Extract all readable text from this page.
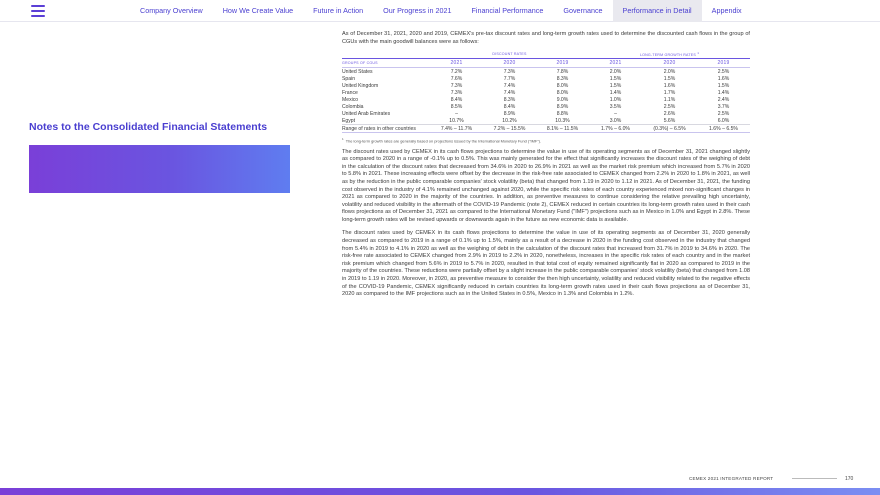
Company Overview	How We Create Value	Future in Action	Our Progress in 2021	Financial Performance	Governance	Performance in Detail	Appendix
Notes to the Consolidated Financial Statements

As of December 31, 2021, 2020 and 2019, CEMEX's pre-tax discount rates and long-term growth rates used to determine the discounted cash flows in the group of CGUs with the main goodwill balances were as follows:

	DISCOUNT RATES			LONG-TERM GROWTH RATES $^1$
GROUPS OF CGUS	2021	2020	2019	2021	2020	2019
United States	7.2%	7.3%	7.8%	2.0%	2.0%	2.5%
Spain	7.6%	7.7%	8.3%	1.5%	1.5%	1.6%
United Kingdom	7.3%	7.4%	8.0%	1.5%	1.6%	1.5%
France	7.3%	7.4%	8.0%	1.4%	1.7%	1.4%
Mexico	8.4%	8.3%	9.0%	1.0%	1.1%	2.4%
Colombia	8.5%	8.4%	8.9%	3.5%	2.5%	3.7%
United Arab Emirates	–	8.9%	8.8%	–	2.6%	2.5%
Egypt	10.7%	10.2%	10.3%	3.0%	5.6%	6.0%
Range of rates in other countries	7.4% – 11.7%	7.2% – 15.5%	8.1% – 11.5%	1.7% – 6.0%	(0.3%) – 6.5%	1.6% – 6.5%
$^1$ The long-term growth rates are generally based on projections issued by the International Monetary Fund ("IMF").

The discount rates used by CEMEX in its cash flows projections to determine the value in use of its operating segments as of December 31, 2021 changed slightly as compared to 2020 in a range of -0.1% up to 0.5%. This was mainly generated for the effect that significantly increases the discount rates of the weighing of debt in the calculation of the discount rates that decreased from 34.6% in 2020 to 26.9% in 2021 as well as the market risk premium which increased from 5.7% in 2020 to 5.8% in 2021. These increasing effects were offset by the decrease in the risk-free rate associated to CEMEX changed from 2.2% in 2020 to 1.8% in 2021, as well as by the reduction in the public comparable companies' stock volatility (beta) that changed from 1.19 in 2020 to 1.12 in 2021. As of December 31, 2021, the funding cost observed in the industry of 4.1% remained unchanged against 2020, while the specific risk rates of each country experienced mixed non-significant changes in 2021 as compared to 2020 in the majority of the countries. In addition, as preventive measures to continue considering the relative prevailing high uncertainty, volatility and reduced visibility in the aftermath of the COVID-19 Pandemic (note 2), CEMEX reduced in certain countries its long-term growth rates used in their cash flows projections as of December 31, 2021 as compared to the International Monetary Fund ("IMF") projections such as in Mexico in 1.0% and Egypt in 2.8%. These long-term growth rates will be revised upwards or downwards again in the future as new economic data is available.

The discount rates used by CEMEX in its cash flows projections to determine the value in use of its operating segments as of December 31, 2020 generally decreased as compared to 2019 in a range of 0.1% up to 1.5%, mainly as a result of a decrease in 2020 in the funding cost observed in the industry that changed from 5.4% in 2019 to 4.1% in 2020 as well as the weighing of debt in the calculation of the discount rates that increased from 31.7% in 2019 to 34.6% in 2020. The risk-free rate associated to CEMEX changed from 2.9% in 2019 to 2.2% in 2020, nonetheless, increases in the specific risk rates of each country and in the market risk premium which changed from 5.6% in 2019 to 5.7% in 2020, resulted in that total cost of equity remained significantly flat in 2020 as compared to 2019 in the majority of the countries. These reductions were partially offset by a slight increase in the public comparable companies' stock volatility (beta) that changed from 1.08 in 2019 to 1.19 in 2020. Moreover, in 2020, as preventive measure to consider the then high uncertainty, volatility and reduced visibility related to the negative effects of the COVID-19 Pandemic, CEMEX significantly reduced in certain countries its long-term growth rates used in their cash flows projections as of December 31, 2020 as compared to the IMF projections such as in the United States in 0.5%, Mexico in 1.3% and Colombia in 1.2%.

CEMEX 2021 INTEGRATED REPORT	170
